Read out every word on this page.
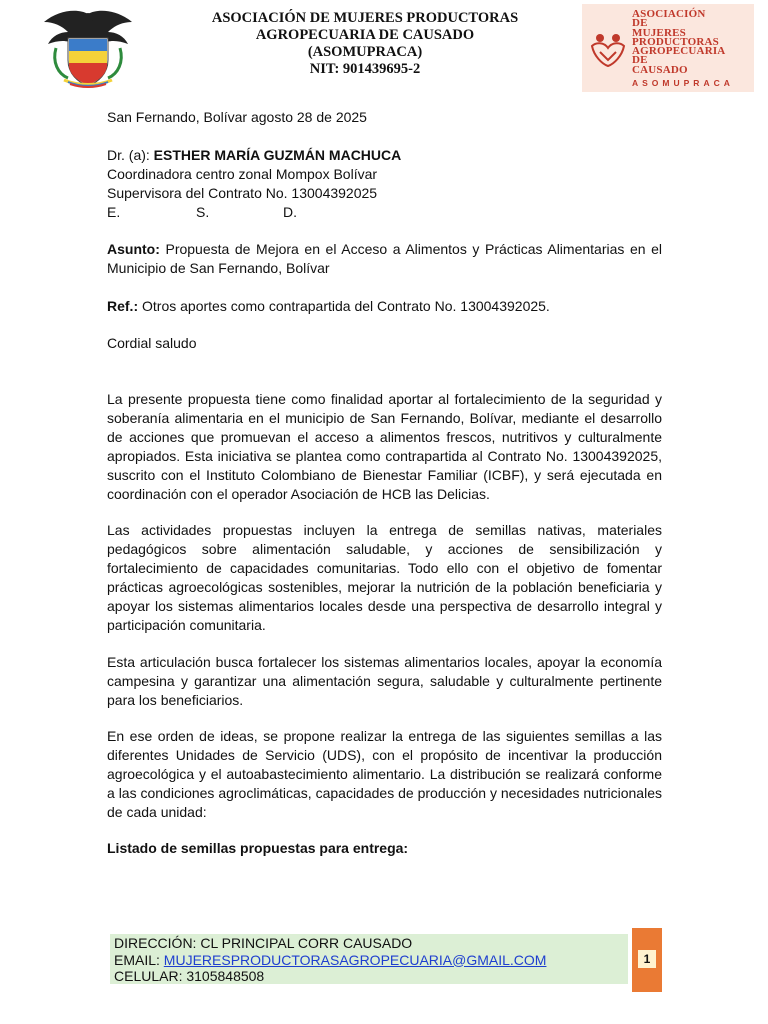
ASOCIACIÓN DE MUJERES PRODUCTORAS
AGROPECUARIA DE CAUSADO
(ASOMUPRACA)
NIT: 901439695-2
ASOCIACIÓN
DE
MUJERES
PRODUCTORAS
AGROPECUARIA
DE
CAUSADO
ASOMUPRACA
San Fernando, Bolívar agosto 28 de 2025
Dr. (a): ESTHER MARÍA GUZMÁN MACHUCA
Coordinadora centro zonal Mompox Bolívar
Supervisora del Contrato No. 13004392025
E.	S.	D.
Asunto: Propuesta de Mejora en el Acceso a Alimentos y Prácticas Alimentarias en el Municipio de San Fernando, Bolívar
Ref.: Otros aportes como contrapartida del Contrato No. 13004392025.
Cordial saludo
La presente propuesta tiene como finalidad aportar al fortalecimiento de la seguridad y soberanía alimentaria en el municipio de San Fernando, Bolívar, mediante el desarrollo de acciones que promuevan el acceso a alimentos frescos, nutritivos y culturalmente apropiados. Esta iniciativa se plantea como contrapartida al Contrato No. 13004392025, suscrito con el Instituto Colombiano de Bienestar Familiar (ICBF), y será ejecutada en coordinación con el operador Asociación de HCB las Delicias.
Las actividades propuestas incluyen la entrega de semillas nativas, materiales pedagógicos sobre alimentación saludable, y acciones de sensibilización y fortalecimiento de capacidades comunitarias. Todo ello con el objetivo de fomentar prácticas agroecológicas sostenibles, mejorar la nutrición de la población beneficiaria y apoyar los sistemas alimentarios locales desde una perspectiva de desarrollo integral y participación comunitaria.
Esta articulación busca fortalecer los sistemas alimentarios locales, apoyar la economía campesina y garantizar una alimentación segura, saludable y culturalmente pertinente para los beneficiarios.
En ese orden de ideas, se propone realizar la entrega de las siguientes semillas a las diferentes Unidades de Servicio (UDS), con el propósito de incentivar la producción agroecológica y el autoabastecimiento alimentario. La distribución se realizará conforme a las condiciones agroclimáticas, capacidades de producción y necesidades nutricionales de cada unidad:
Listado de semillas propuestas para entrega:
DIRECCIÓN: CL PRINCIPAL CORR CAUSADO
EMAIL: MUJERESPRODUCTORASAGROPECUARIA@GMAIL.COM
CELULAR: 3105848508
1
